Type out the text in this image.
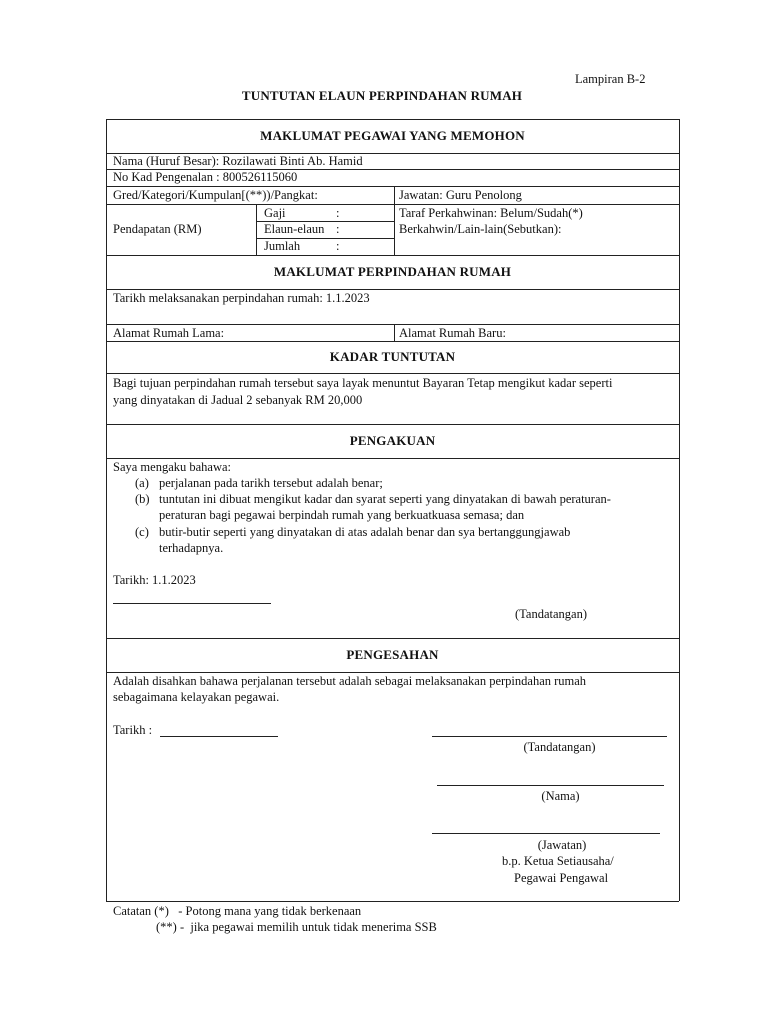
Lampiran B-2
TUNTUTAN ELAUN PERPINDAHAN RUMAH
MAKLUMAT PEGAWAI YANG MEMOHON
Nama (Huruf Besar): Rozilawati Binti Ab. Hamid
No Kad Pengenalan : 800526115060
Gred/Kategori/Kumpulan[(**))/Pangkat:	Jawatan: Guru Penolong
Pendapatan (RM)
Gaji	:
Elaun-elaun :
Jumlah	:
Taraf Perkahwinan: Belum/Sudah(*)
Berkahwin/Lain-lain(Sebutkan):
MAKLUMAT PERPINDAHAN RUMAH
Tarikh melaksanakan perpindahan rumah: 1.1.2023
Alamat Rumah Lama:	Alamat Rumah Baru:
KADAR TUNTUTAN
Bagi tujuan perpindahan rumah tersebut saya layak menuntut Bayaran Tetap mengikut kadar seperti
yang dinyatakan di Jadual 2 sebanyak RM 20,000
PENGAKUAN
Saya mengaku bahawa:
(a) perjalanan pada tarikh tersebut adalah benar;
(b) tuntutan ini dibuat mengikut kadar dan syarat seperti yang dinyatakan di bawah peraturan-
peraturan bagi pegawai berpindah rumah yang berkuatkuasa semasa; dan
(c) butir-butir seperti yang dinyatakan di atas adalah benar dan sya bertanggungjawab
terhadapnya.
Tarikh: 1.1.2023
(Tandatangan)
PENGESAHAN
Adalah disahkan bahawa perjalanan tersebut adalah sebagai melaksanakan perpindahan rumah
sebagaimana kelayakan pegawai.
Tarikh :
(Tandatangan)
(Nama)
(Jawatan)
b.p. Ketua Setiausaha/
Pegawai Pengawal
Catatan (*)   - Potong mana yang tidak berkenaan
(**) -  jika pegawai memilih untuk tidak menerima SSB
